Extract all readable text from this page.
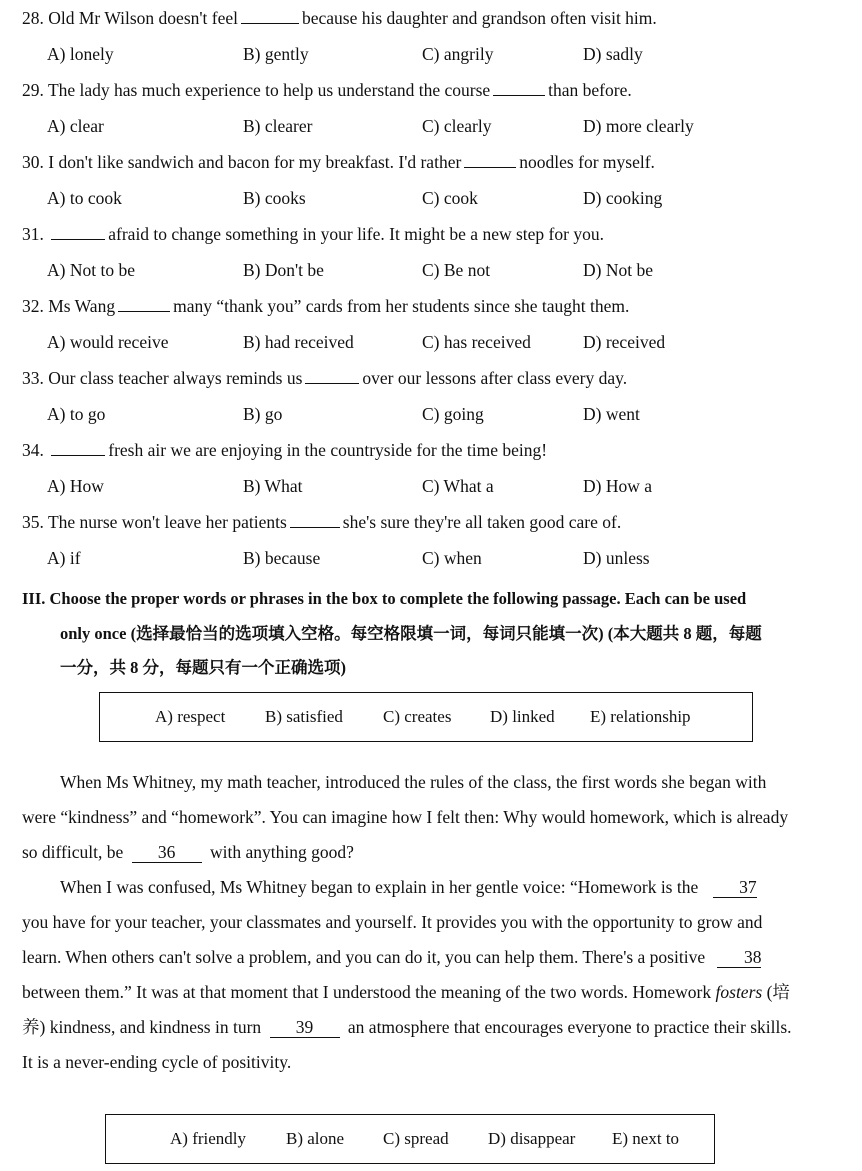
28. Old Mr Wilson doesn't feel	because his daughter and grandson often visit him.
A) lonely	B) gently	C) angrily	D) sadly
29. The lady has much experience to help us understand the course	than before.
A) clear	B) clearer	C) clearly	D) more clearly
30. I don't like sandwich and bacon for my breakfast. I'd rather	noodles for myself.
A) to cook	B) cooks	C) cook	D) cooking
31.	afraid to change something in your life. It might be a new step for you.
A) Not to be	B) Don't be	C) Be not	D) Not be
32. Ms Wang	many “thank you” cards from her students since she taught them.
A) would receive	B) had received	C) has received	D) received
33. Our class teacher always reminds us	over our lessons after class every day.
A) to go	B) go	C) going	D) went
34.	fresh air we are enjoying in the countryside for the time being!
A) How	B) What	C) What a	D) How a
35. The nurse won't leave her patients	she's sure they're all taken good care of.
A) if	B) because	C) when	D) unless
III. Choose the proper words or phrases in the box to complete the following passage. Each can be used
only once (选择最恰当的选项填入空格。每空格限填一词，每词只能填一次) (本大题共 8 题，每题
一分，共 8 分，每题只有一个正确选项)
A) respect B) satisfied C) creates D) linked E) relationship
When Ms Whitney, my math teacher, introduced the rules of the class, the first words she began with
were “kindness” and “homework”. You can imagine how I felt then: Why would homework, which is already
so difficult, be 36 with anything good?
When I was confused, Ms Whitney began to explain in her gentle voice: “Homework is the 37
you have for your teacher, your classmates and yourself. It provides you with the opportunity to grow and
learn. When others can't solve a problem, and you can do it, you can help them. There's a positive 38
between them.” It was at that moment that I understood the meaning of the two words. Homework fosters (培
养) kindness, and kindness in turn 39 an atmosphere that encourages everyone to practice their skills.
It is a never-ending cycle of positivity.
A) friendly B) alone C) spread D) disappear E) next to
